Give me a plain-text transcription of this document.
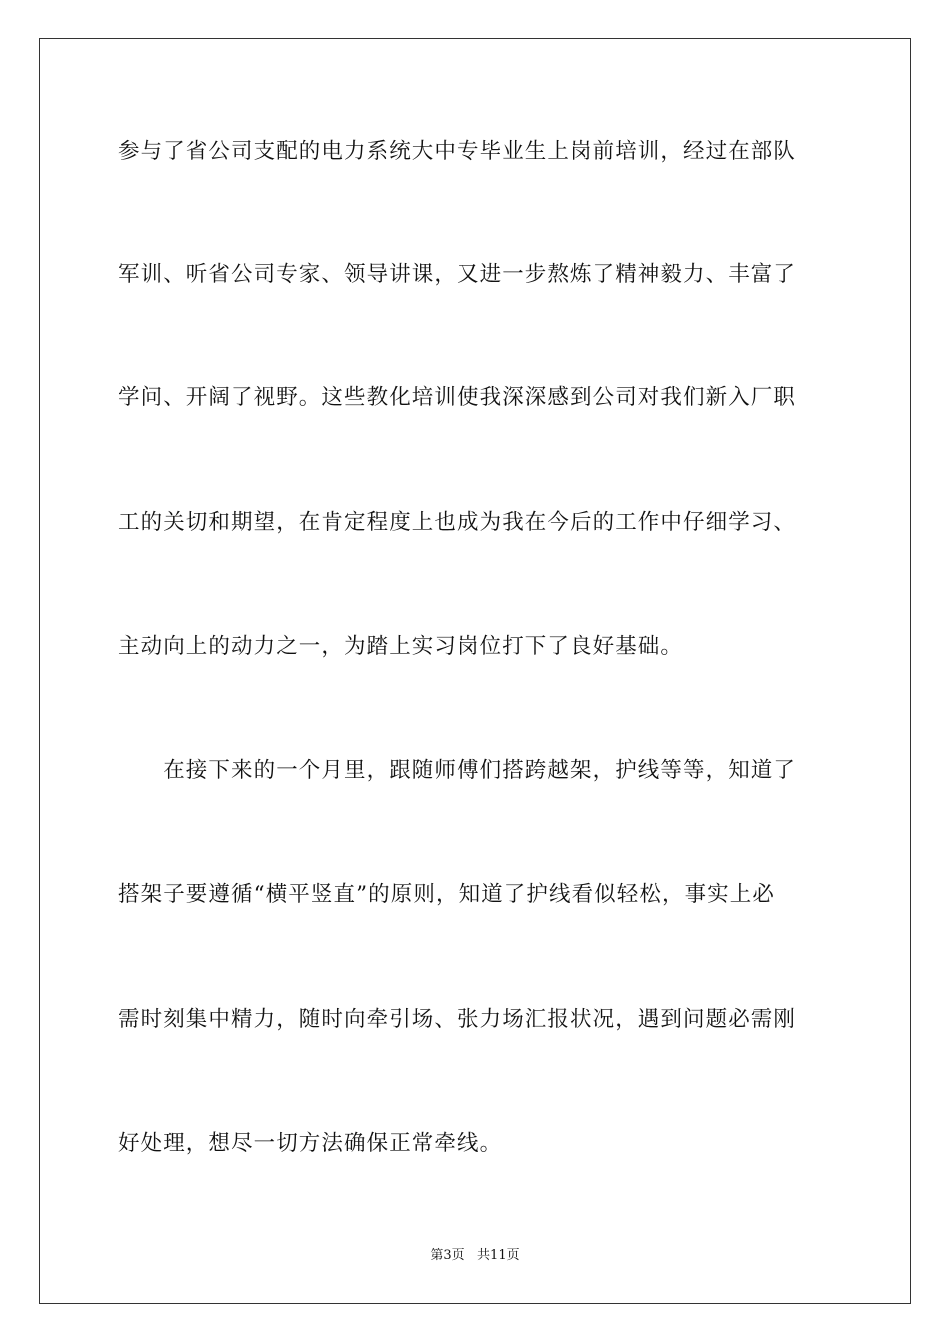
参与了省公司支配的电力系统大中专毕业生上岗前培训，经过在部队
军训、听省公司专家、领导讲课，又进一步熬炼了精神毅力、丰富了
学问、开阔了视野。这些教化培训使我深深感到公司对我们新入厂职
工的关切和期望，在肯定程度上也成为我在今后的工作中仔细学习、
主动向上的动力之一，为踏上实习岗位打下了良好基础。
　　在接下来的一个月里，跟随师傅们搭跨越架，护线等等，知道了
搭架子要遵循“横平竖直”的原则，知道了护线看似轻松，事实上必
需时刻集中精力，随时向牵引场、张力场汇报状况，遇到问题必需刚
好处理，想尽一切方法确保正常牵线。
第3页   共11页
